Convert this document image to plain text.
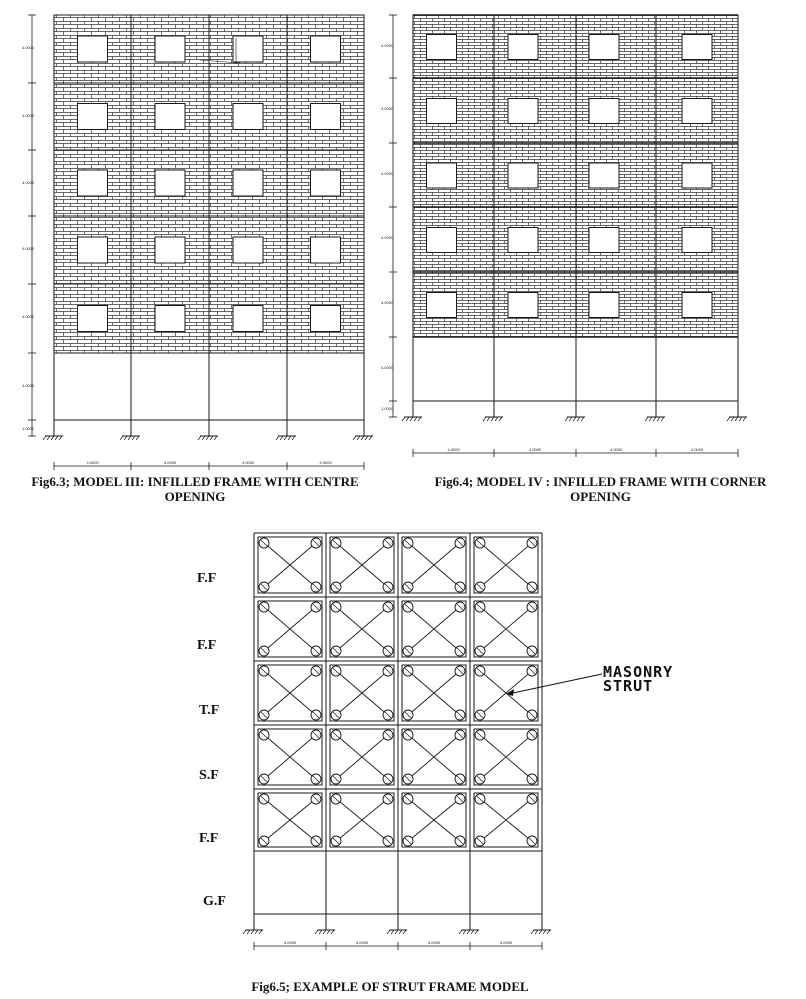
4.0000
4.0000
4.0000
4.0000
4.0000
4.0000
1.0000
4.0000	4.0000	4.0000	4.0000
4.0000
4.0000
4.0000
4.0000
4.0000
4.0000
1.0000
4.0000	4.0000	4.0000	4.0000
4.0000	4.0000	4.0000	4.0000
F.F
F.F
T.F
S.F
F.F
G.F
MASONRY
STRUT
Fig6.3; MODEL III: INFILLED FRAME WITH CENTRE
OPENING
Fig6.4; MODEL IV : INFILLED FRAME WITH CORNER
OPENING
Fig6.5; EXAMPLE OF STRUT FRAME MODEL
